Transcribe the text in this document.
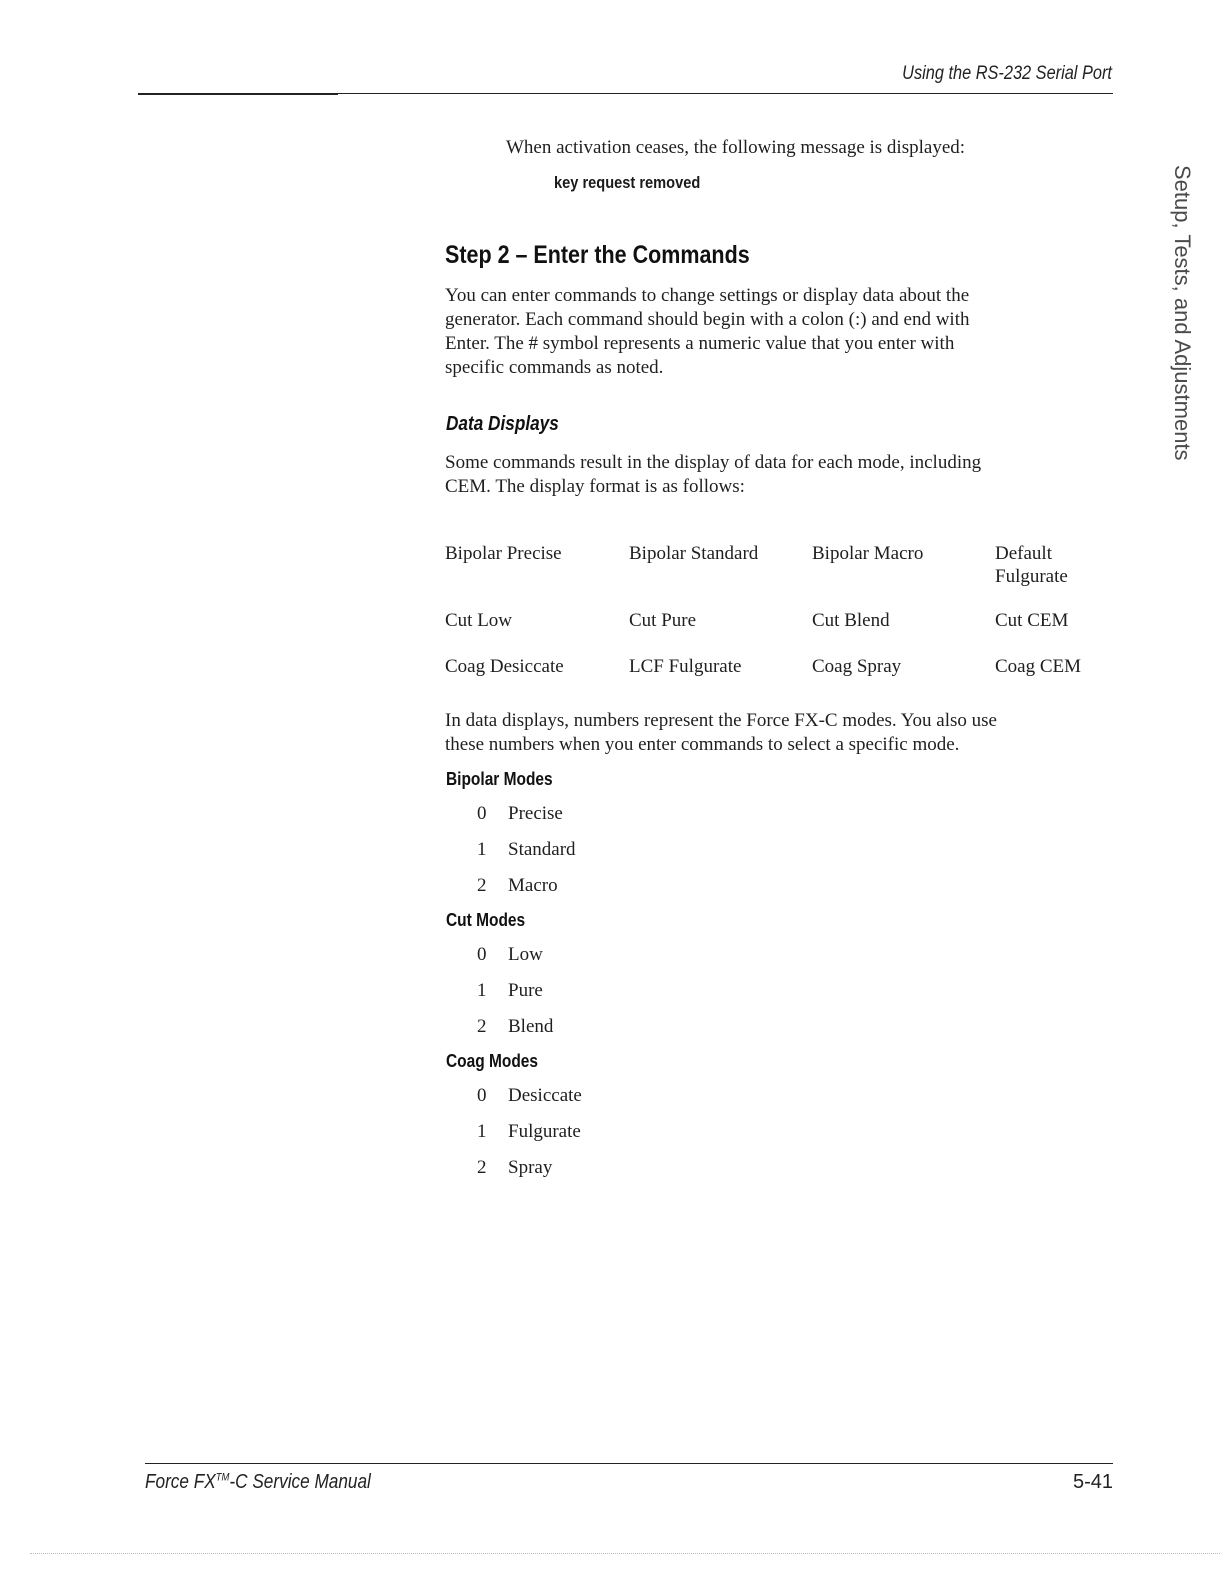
Using the RS-232 Serial Port
Setup, Tests, and Adjustments
When activation ceases, the following message is displayed:
key request removed
Step 2 – Enter the Commands
You can enter commands to change settings or display data about the
generator. Each command should begin with a colon (:) and end with
Enter. The # symbol represents a numeric value that you enter with
specific commands as noted.
Data Displays
Some commands result in the display of data for each mode, including
CEM. The display format is as follows:
Bipolar Precise	Bipolar Standard	Bipolar Macro	Default
Fulgurate
Cut Low	Cut Pure	Cut Blend	Cut CEM
Coag Desiccate	LCF Fulgurate	Coag Spray	Coag CEM
In data displays, numbers represent the Force FX-C modes. You also use
these numbers when you enter commands to select a specific mode.
Bipolar Modes
0 Precise
1 Standard
2 Macro
Cut Modes
0 Low
1 Pure
2 Blend
Coag Modes
0 Desiccate
1 Fulgurate
2 Spray
Force FX™-C Service Manual	5-41
